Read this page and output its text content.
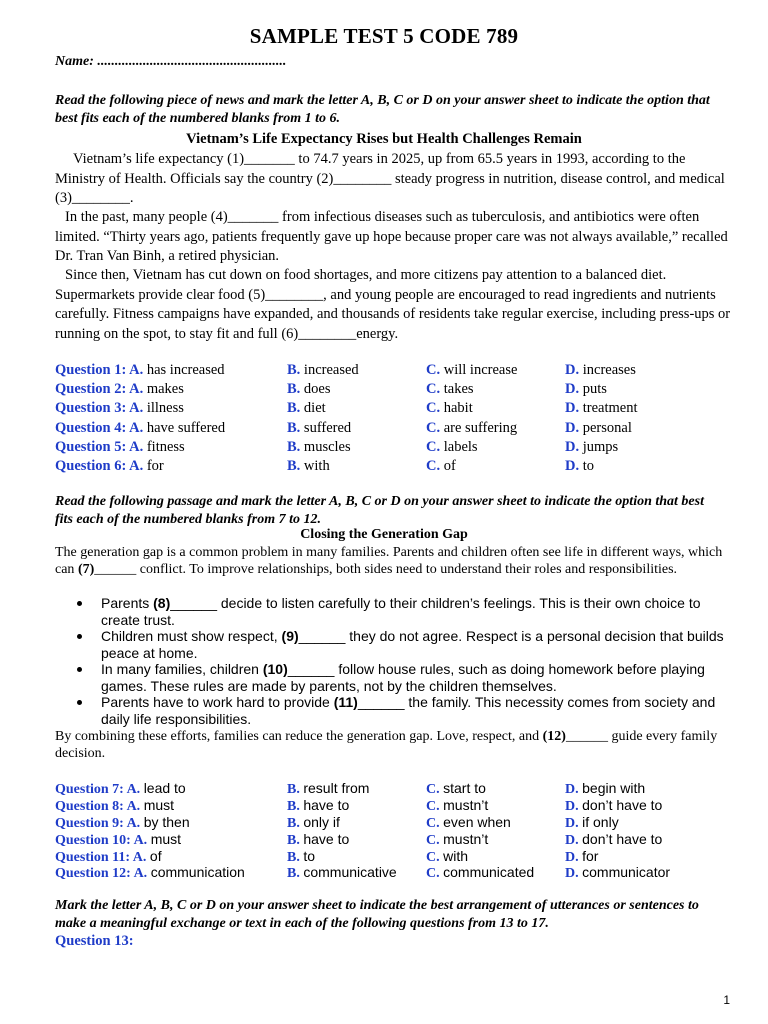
SAMPLE TEST 5 CODE 789
Name: ......................................................
Read the following piece of news and mark the letter A, B, C or D on your answer sheet to indicate the option that best fits each of the numbered blanks from 1 to 6.
Vietnam’s Life Expectancy Rises but Health Challenges Remain
Vietnam’s life expectancy (1)_______ to 74.7 years in 2025, up from 65.5 years in 1993, according to the Ministry of Health. Officials say the country (2)________ steady progress in nutrition, disease control, and medical (3)________.
In the past, many people (4)_______ from infectious diseases such as tuberculosis, and antibiotics were often limited. “Thirty years ago, patients frequently gave up hope because proper care was not always available,” recalled Dr. Tran Van Binh, a retired physician.
Since then, Vietnam has cut down on food shortages, and more citizens pay attention to a balanced diet. Supermarkets provide clear food (5)________, and young people are encouraged to read ingredients and nutrients carefully. Fitness campaigns have expanded, and thousands of residents take regular exercise, including press-ups or running on the spot, to stay fit and full (6)________energy.
Question 1: A. has increased	B. increased	C. will increase	D. increases
Question 2: A. makes	B. does	C. takes	D. puts
Question 3: A. illness	B. diet	C. habit	D. treatment
Question 4: A. have suffered	B. suffered	C. are suffering	D. personal
Question 5: A. fitness	B. muscles	C. labels	D. jumps
Question 6: A. for	B. with	C. of	D. to
Read the following passage and mark the letter A, B, C or D on your answer sheet to indicate the option that best fits each of the numbered blanks from 7 to 12.
Closing the Generation Gap
The generation gap is a common problem in many families. Parents and children often see life in different ways, which can (7)______ conflict. To improve relationships, both sides need to understand their roles and responsibilities.
Parents (8)______ decide to listen carefully to their children’s feelings. This is their own choice to create trust.
Children must show respect, (9)______ they do not agree. Respect is a personal decision that builds peace at home.
In many families, children (10)______ follow house rules, such as doing homework before playing games. These rules are made by parents, not by the children themselves.
Parents have to work hard to provide (11)______ the family. This necessity comes from society and daily life responsibilities.
By combining these efforts, families can reduce the generation gap. Love, respect, and (12)______ guide every family decision.
Question 7: A. lead to	B. result from	C. start to	D. begin with
Question 8: A. must	B. have to	C. mustn’t	D. don’t have to
Question 9: A. by then	B. only if	C. even when	D. if only
Question 10: A. must	B. have to	C. mustn’t	D. don’t have to
Question 11: A. of	B. to	C. with	D. for
Question 12: A. communication	B. communicative C. communicated D. communicator
Mark the letter A, B, C or D on your answer sheet to indicate the best arrangement of utterances or sentences to make a meaningful exchange or text in each of the following questions from 13 to 17.
Question 13:
1
